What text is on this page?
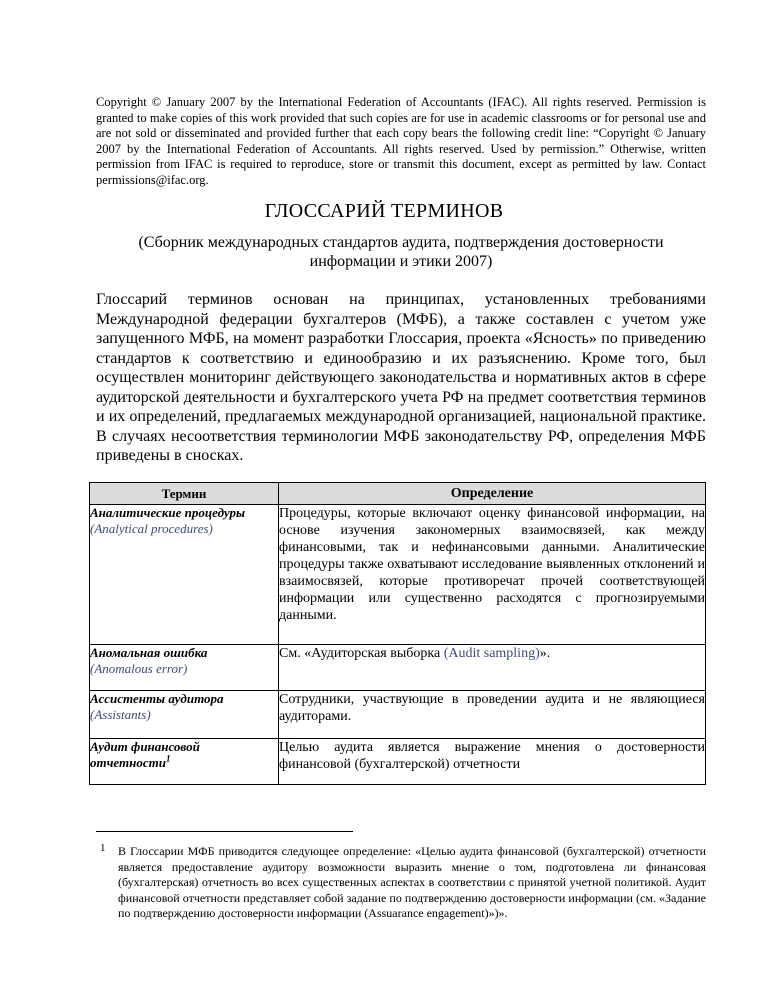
Copyright © January 2007 by the International Federation of Accountants (IFAC). All rights reserved. Permission is granted to make copies of this work provided that such copies are for use in academic classrooms or for personal use and are not sold or disseminated and provided further that each copy bears the following credit line: “Copyright © January 2007 by the International Federation of Accountants. All rights reserved. Used by permission.” Otherwise, written permission from IFAC is required to reproduce, store or transmit this document, except as permitted by law. Contact permissions@ifac.org.
ГЛОССАРИЙ ТЕРМИНОВ
(Сборник международных стандартов аудита, подтверждения достоверности информации и этики 2007)
Глоссарий терминов основан на принципах, установленных требованиями Международной федерации бухгалтеров (МФБ), а также составлен с учетом уже запущенного МФБ, на момент разработки Глоссария, проекта «Ясность» по приведению стандартов к соответствию и единообразию и их разъяснению. Кроме того, был осуществлен мониторинг действующего законодательства и нормативных актов в сфере аудиторской деятельности и бухгалтерского учета РФ на предмет соответствия терминов и их определений, предлагаемых международной организацией, национальной практике. В случаях несоответствия терминологии МФБ законодательству РФ, определения МФБ приведены в сносках.
Термин	Определение
Аналитические процедуры (Analytical procedures)	Процедуры, которые включают оценку финансовой информации, на основе изучения закономерных взаимосвязей, как между финансовыми, так и нефинансовыми данными. Аналитические процедуры также охватывают исследование выявленных отклонений и взаимосвязей, которые противоречат прочей соответствующей информации или существенно расходятся с прогнозируемыми данными.
Аномальная ошибка
(Anomalous error)	См. «Аудиторская выборка (Audit sampling)».
Ассистенты аудитора
(Assistants)	Сотрудники, участвующие в проведении аудита и не являющиеся аудиторами.
Аудит финансовой отчетности$^1$	Целью аудита является выражение мнения о достоверности финансовой (бухгалтерской) отчетности
1 В Глоссарии МФБ приводится следующее определение: «Целью аудита финансовой (бухгалтерской) отчетности является предоставление аудитору возможности выразить мнение о том, подготовлена ли финансовая (бухгалтерская) отчетность во всех существенных аспектах в соответствии с принятой учетной политикой. Аудит финансовой отчетности представляет собой задание по подтверждению достоверности информации (см. «Задание по подтверждению достоверности информации (Assuarance engagement)»)».
